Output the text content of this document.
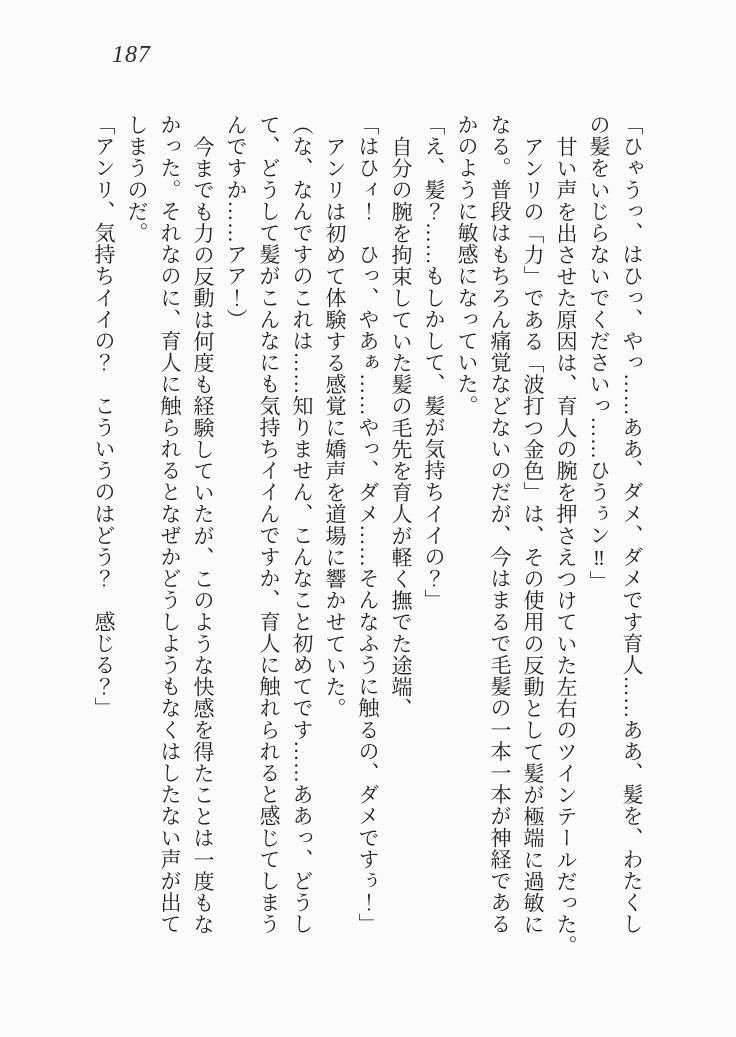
187

「ひゃうっ、はひっ、やっ……ああ、ダメ、ダメです育人……ああ、髪を、わたくし

の髪をいじらないでくださいっ……ひうぅン‼」

甘い声を出させた原因は、育人の腕を押さえつけていた左右のツインテールだった。

アンリの「力」である「波打つ金色」は、その使用の反動として髪が極端に過敏に

なる。普段はもちろん痛覚などないのだが、今はまるで毛髪の一本一本が神経である

かのように敏感になっていた。

「え、髪？……もしかして、髪が気持ちイイの？」

自分の腕を拘束していた髪の毛先を育人が軽く撫でた途端、

「はひィ！　ひっ、やあぁ……やっ、ダメ……そんなふうに触るの、ダメですぅ！」

アンリは初めて体験する感覚に嬌声を道場に響かせていた。

（な、なんですのこれは……知りません、こんなこと初めてです……ああっ、どうし

て、どうして髪がこんなにも気持ちイイんですか、育人に触れられると感じてしまう

んですか……アア！）

今までも力の反動は何度も経験していたが、このような快感を得たことは一度もな

かった。それなのに、育人に触られるとなぜかどうしようもなくはしたない声が出て

しまうのだ。

「アンリ、気持ちイイの？　こういうのはどう？　感じる？」
